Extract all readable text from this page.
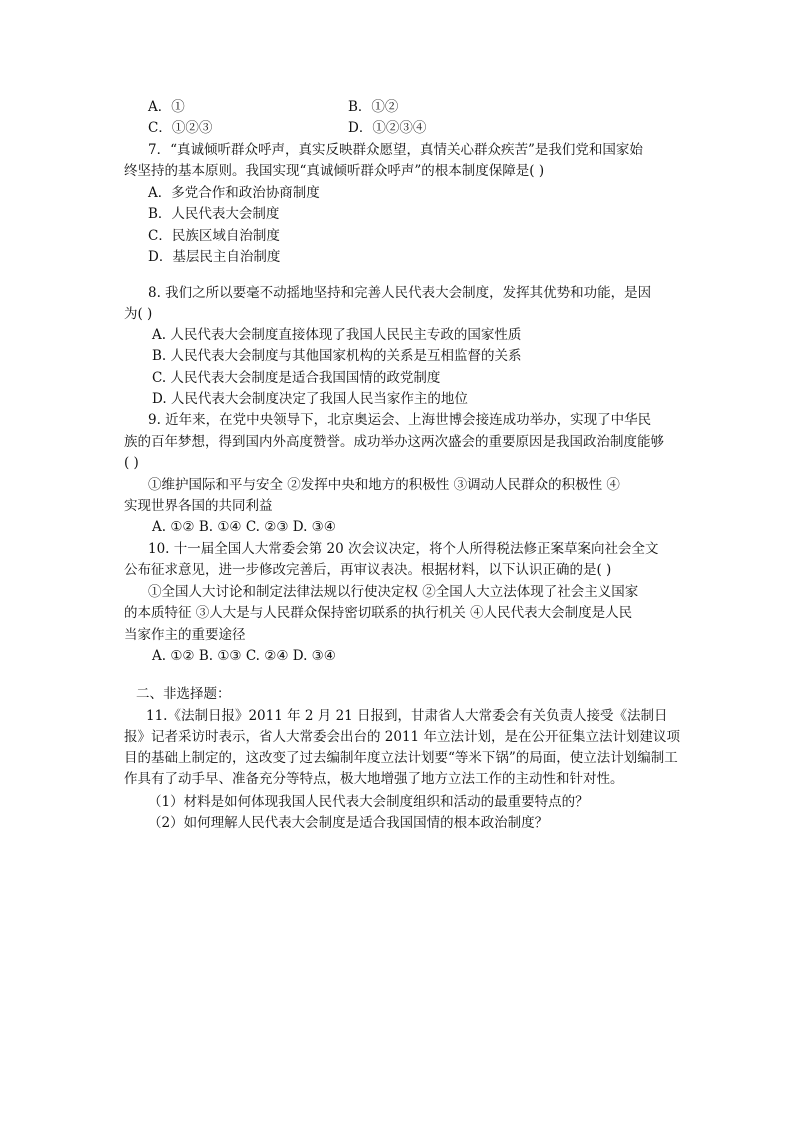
A．①	B．①②
C．①②③	D．①②③④
7．“真诚倾听群众呼声，真实反映群众愿望，真情关心群众疾苦”是我们党和国家始
终坚持的基本原则。我国实现“真诚倾听群众呼声”的根本制度保障是( )
A．多党合作和政治协商制度
B．人民代表大会制度
C．民族区域自治制度
D．基层民主自治制度
8. 我们之所以要毫不动摇地坚持和完善人民代表大会制度，发挥其优势和功能，是因
为( )
A. 人民代表大会制度直接体现了我国人民民主专政的国家性质
B. 人民代表大会制度与其他国家机构的关系是互相监督的关系
C. 人民代表大会制度是适合我国国情的政党制度
D. 人民代表大会制度决定了我国人民当家作主的地位
9. 近年来，在党中央领导下，北京奥运会、上海世博会接连成功举办，实现了中华民
族的百年梦想，得到国内外高度赞誉。成功举办这两次盛会的重要原因是我国政治制度能够
( )
①维护国际和平与安全 ②发挥中央和地方的积极性 ③调动人民群众的积极性 ④
实现世界各国的共同利益
A. ①② B. ①④ C. ②③ D. ③④
10. 十一届全国人大常委会第 20 次会议决定，将个人所得税法修正案草案向社会全文
公布征求意见，进一步修改完善后，再审议表决。根据材料，以下认识正确的是( )
①全国人大讨论和制定法律法规以行使决定权 ②全国人大立法体现了社会主义国家
的本质特征 ③人大是与人民群众保持密切联系的执行机关 ④人民代表大会制度是人民
当家作主的重要途径
A. ①② B. ①③ C. ②④ D. ③④
二、非选择题：
11.《法制日报》2011 年 2 月 21 日报到，甘肃省人大常委会有关负责人接受《法制日报》记者采访时表示，省人大常委会出台的 2011 年立法计划，是在公开征集立法计划建议项目的基础上制定的，这改变了过去编制年度立法计划要“等米下锅”的局面，使立法计划编制工作具有了动手早、准备充分等特点，极大地增强了地方立法工作的主动性和针对性。
（1）材料是如何体现我国人民代表大会制度组织和活动的最重要特点的？
（2）如何理解人民代表大会制度是适合我国国情的根本政治制度？
